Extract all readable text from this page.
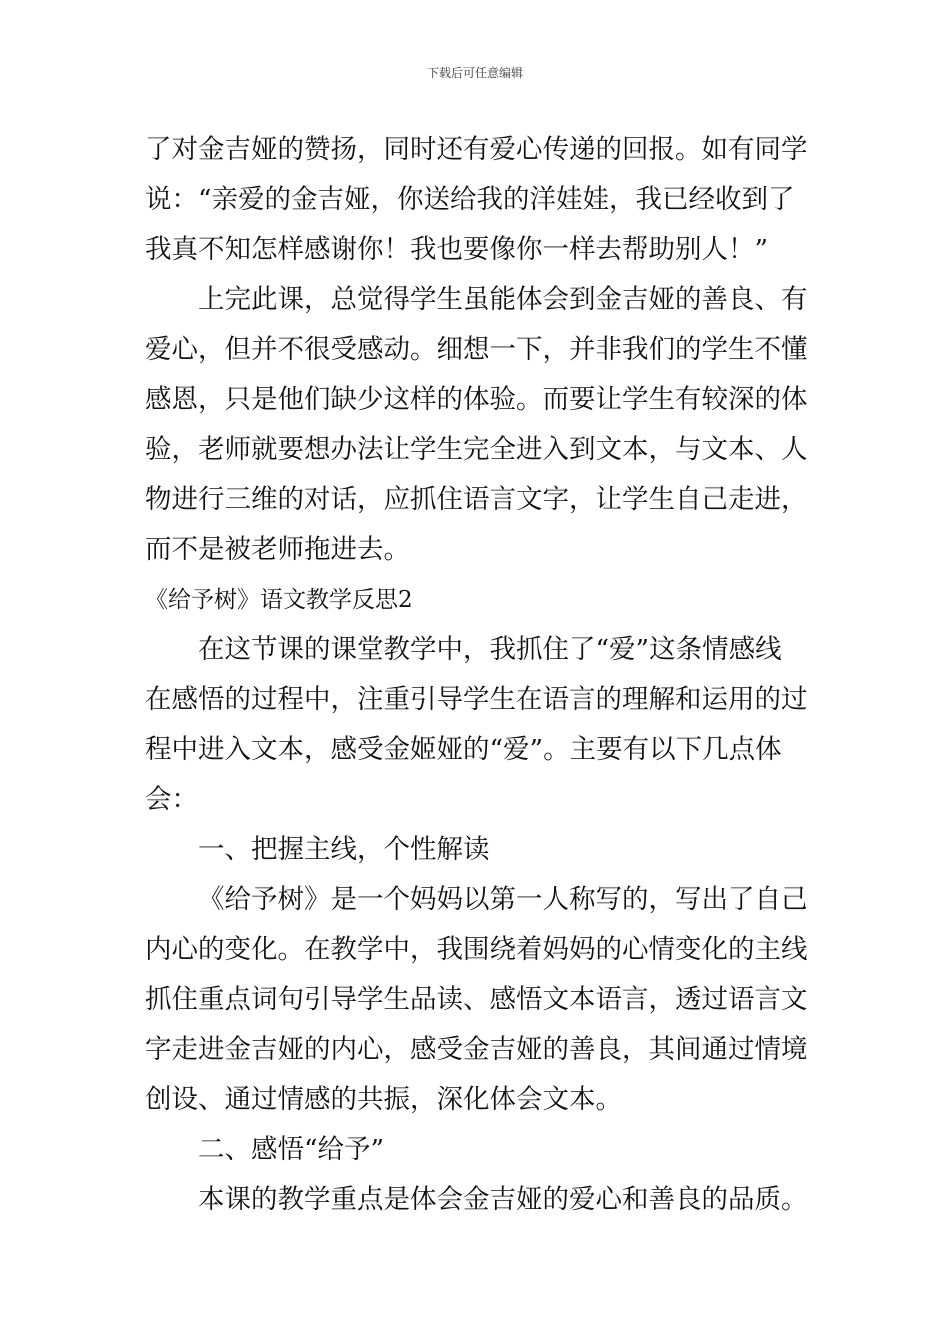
下载后可任意编辑
了对金吉娅的赞扬，同时还有爱心传递的回报。如有同学
说：“亲爱的金吉娅，你送给我的洋娃娃，我已经收到了
我真不知怎样感谢你！我也要像你一样去帮助别人！”
上完此课，总觉得学生虽能体会到金吉娅的善良、有
爱心，但并不很受感动。细想一下，并非我们的学生不懂
感恩，只是他们缺少这样的体验。而要让学生有较深的体
验，老师就要想办法让学生完全进入到文本，与文本、人
物进行三维的对话，应抓住语言文字，让学生自己走进，
而不是被老师拖进去。
《给予树》语文教学反思2
在这节课的课堂教学中，我抓住了“爱”这条情感线
在感悟的过程中，注重引导学生在语言的理解和运用的过
程中进入文本，感受金姬娅的“爱”。主要有以下几点体
会：
一、把握主线，个性解读
《给予树》是一个妈妈以第一人称写的，写出了自己
内心的变化。在教学中，我围绕着妈妈的心情变化的主线
抓住重点词句引导学生品读、感悟文本语言，透过语言文
字走进金吉娅的内心，感受金吉娅的善良，其间通过情境
创设、通过情感的共振，深化体会文本。
二、感悟“给予”
本课的教学重点是体会金吉娅的爱心和善良的品质。
